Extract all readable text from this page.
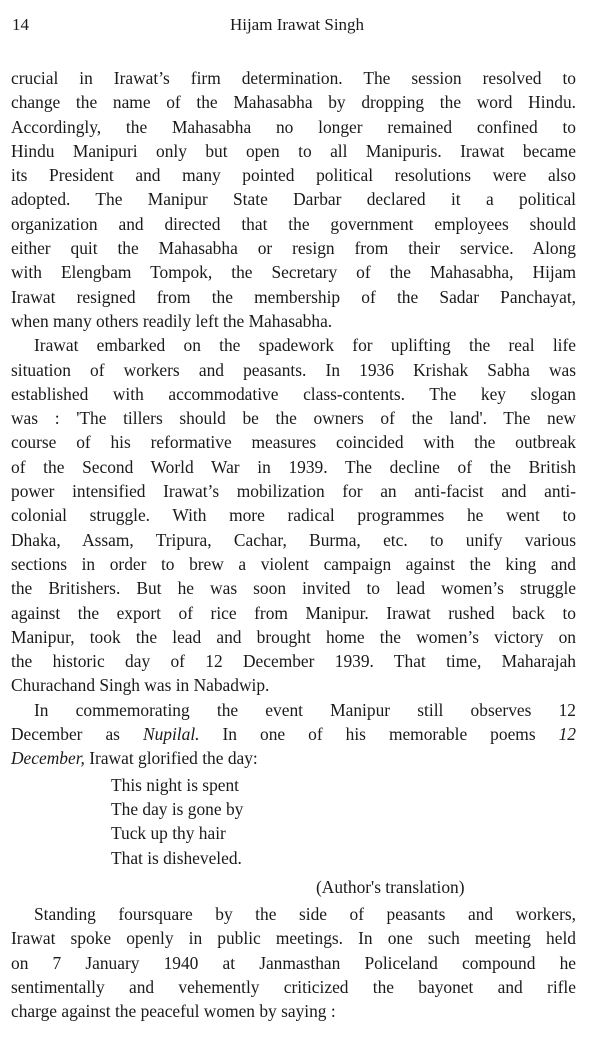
14	Hijam Irawat Singh
crucial in Irawat’s firm determination. The session resolved to
change the name of the Mahasabha by dropping the word Hindu.
Accordingly, the Mahasabha no longer remained confined to
Hindu Manipuri only but open to all Manipuris. Irawat became
its President and many pointed political resolutions were also
adopted. The Manipur State Darbar declared it a political
organization and directed that the government employees should
either quit the Mahasabha or resign from their service. Along
with Elengbam Tompok, the Secretary of the Mahasabha, Hijam
Irawat resigned from the membership of the Sadar Panchayat,
when many others readily left the Mahasabha.
Irawat embarked on the spadework for uplifting the real life
situation of workers and peasants. In 1936 Krishak Sabha was
established with accommodative class-contents. The key slogan
was : 'The tillers should be the owners of the land'. The new
course of his reformative measures coincided with the outbreak
of the Second World War in 1939. The decline of the British
power intensified Irawat’s mobilization for an anti-facist and anti-
colonial struggle. With more radical programmes he went to
Dhaka, Assam, Tripura, Cachar, Burma, etc. to unify various
sections in order to brew a violent campaign against the king and
the Britishers. But he was soon invited to lead women’s struggle
against the export of rice from Manipur. Irawat rushed back to
Manipur, took the lead and brought home the women’s victory on
the historic day of 12 December 1939. That time, Maharajah
Churachand Singh was in Nabadwip.
In commemorating the event Manipur still observes 12
December as Nupilal. In one of his memorable poems 12
December, Irawat glorified the day:
This night is spent
The day is gone by
Tuck up thy hair
That is disheveled.
(Author's translation)
Standing foursquare by the side of peasants and workers,
Irawat spoke openly in public meetings. In one such meeting held
on 7 January 1940 at Janmasthan Policeland compound he
sentimentally and vehemently criticized the bayonet and rifle
charge against the peaceful women by saying :
